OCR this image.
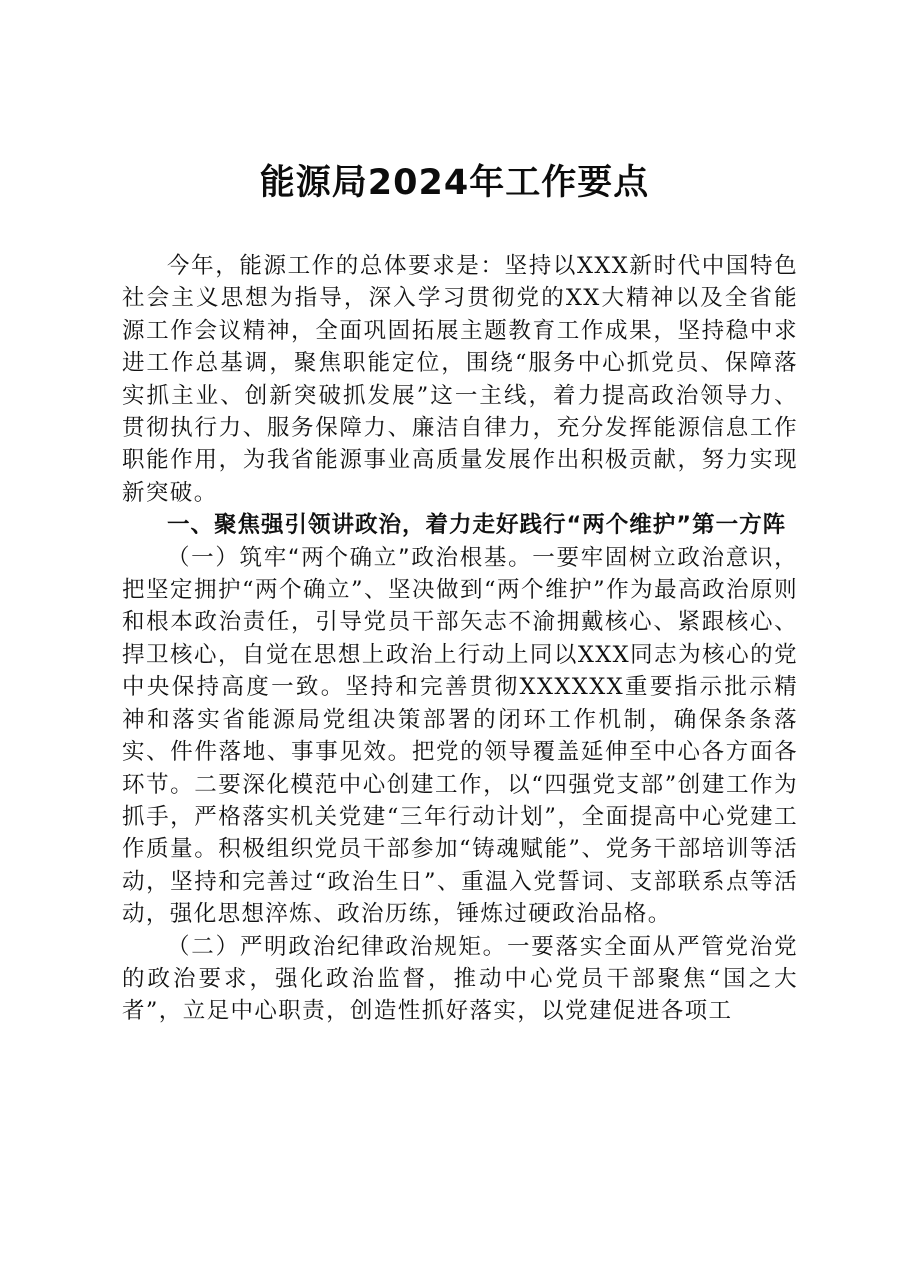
能源局2024年工作要点

今年，能源工作的总体要求是：坚持以XXX新时代中国特色社会主义思想为指导，深入学习贯彻党的XX大精神以及全省能源工作会议精神，全面巩固拓展主题教育工作成果，坚持稳中求进工作总基调，聚焦职能定位，围绕“服务中心抓党员、保障落实抓主业、创新突破抓发展”这一主线，着力提高政治领导力、贯彻执行力、服务保障力、廉洁自律力，充分发挥能源信息工作职能作用，为我省能源事业高质量发展作出积极贡献，努力实现新突破。

一、聚焦强引领讲政治，着力走好践行“两个维护”第一方阵

（一）筑牢“两个确立”政治根基。一要牢固树立政治意识，把坚定拥护“两个确立”、坚决做到“两个维护”作为最高政治原则和根本政治责任，引导党员干部矢志不渝拥戴核心、紧跟核心、捍卫核心，自觉在思想上政治上行动上同以XXX同志为核心的党中央保持高度一致。坚持和完善贯彻XXXXXX重要指示批示精神和落实省能源局党组决策部署的闭环工作机制，确保条条落实、件件落地、事事见效。把党的领导覆盖延伸至中心各方面各环节。二要深化模范中心创建工作，以“四强党支部”创建工作为抓手，严格落实机关党建“三年行动计划”，全面提高中心党建工作质量。积极组织党员干部参加“铸魂赋能”、党务干部培训等活动，坚持和完善过“政治生日”、重温入党誓词、支部联系点等活动，强化思想淬炼、政治历练，锤炼过硬政治品格。

（二）严明政治纪律政治规矩。一要落实全面从严管党治党的政治要求，强化政治监督，推动中心党员干部聚焦“国之大者”，立足中心职责，创造性抓好落实，以党建促进各项工
